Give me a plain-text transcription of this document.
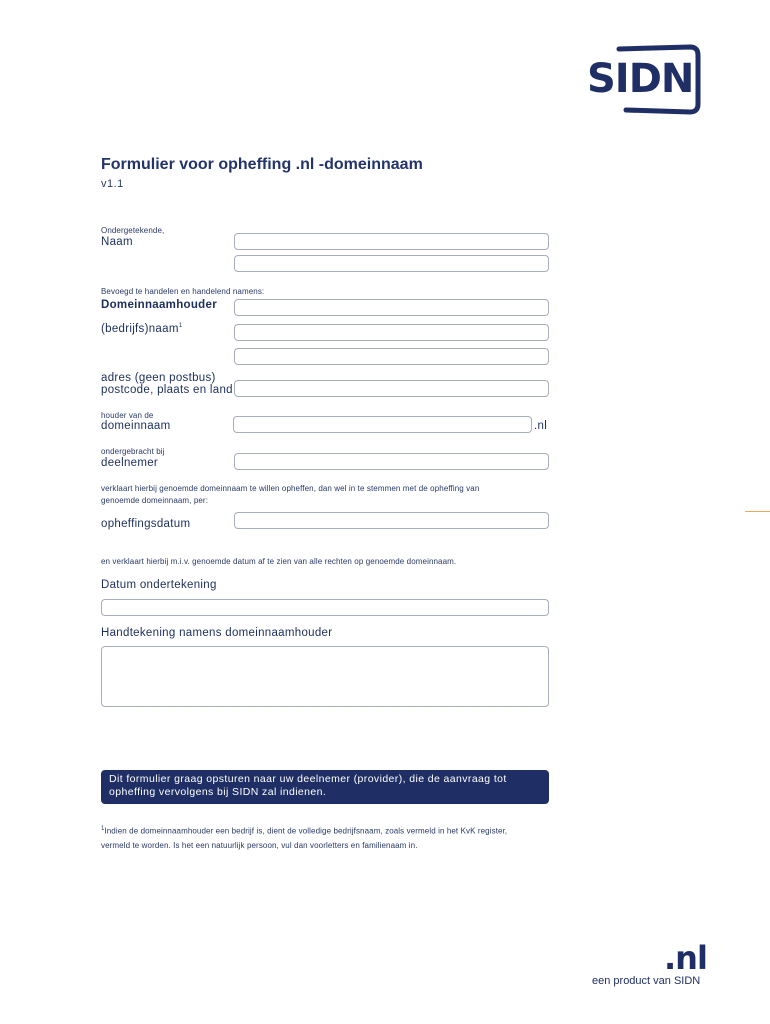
SIDN
Formulier voor opheffing .nl -domeinnaam
v1.1
Ondergetekende,
Naam
Bevoegd te handelen en handelend namens:
Domeinnaamhouder
(bedrijfs)naam$^1$
adres (geen postbus)
postcode, plaats en land
houder van de
domeinnaam	.nl
ondergebracht bij
deelnemer
verklaart hierbij genoemde domeinnaam te willen opheffen, dan wel in te stemmen met de opheffing van
genoemde domeinnaam, per:
opheffingsdatum
en verklaart hierbij m.i.v. genoemde datum af te zien van alle rechten op genoemde domeinnaam.
Datum ondertekening
Handtekening namens domeinnaamhouder
Dit formulier graag opsturen naar uw deelnemer (provider), die de aanvraag tot
opheffing vervolgens bij SIDN zal indienen.
$^1$Indien de domeinnaamhouder een bedrijf is, dient de volledige bedrijfsnaam, zoals vermeld in het KvK register,
vermeld te worden. Is het een natuurlijk persoon, vul dan voorletters en familienaam in.
.nl
een product van SIDN
